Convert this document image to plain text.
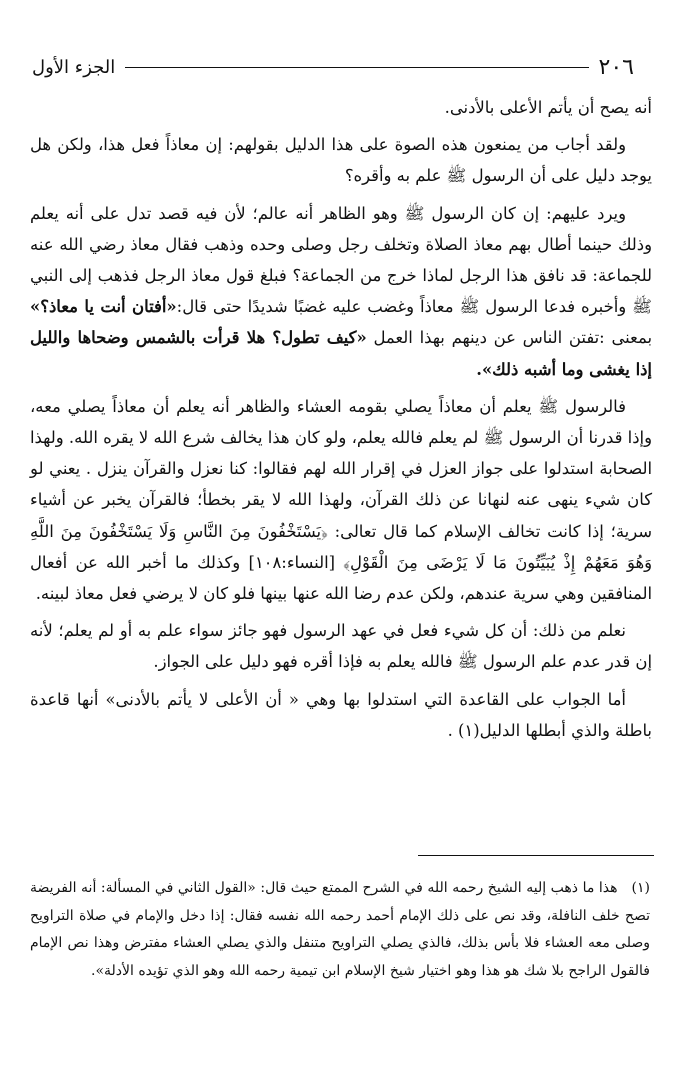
٢٠٦
الجزء الأول

أنه يصح أن يأتم الأعلى بالأدنى.

ولقد أجاب من يمنعون هذه الصوة على هذا الدليل بقولهم: إن معاذاً فعل هذا، ولكن هل يوجد دليل على أن الرسول ﷺ علم به وأقره؟

ويرد عليهم: إن كان الرسول ﷺ وهو الظاهر أنه عالم؛ لأن فيه قصد تدل على أنه يعلم وذلك حينما أطال بهم معاذ الصلاة وتخلف رجل وصلى وحده وذهب فقال معاذ رضي الله عنه للجماعة: قد نافق هذا الرجل لماذا خرج من الجماعة؟ فبلغ قول معاذ الرجل فذهب إلى النبي ﷺ وأخبره فدعا الرسول ﷺ معاذاً وغضب عليه غضبًا شديدًا حتى قال:«أفتان أنت يا معاذ؟» بمعنى :تفتن الناس عن دينهم بهذا العمل «كيف تطول؟ هلا قرأت بالشمس وضحاها والليل إذا يغشى وما أشبه ذلك».

فالرسول ﷺ يعلم أن معاذاً يصلي بقومه العشاء والظاهر أنه يعلم أن معاذاً يصلي معه، وإذا قدرنا أن الرسول ﷺ لم يعلم فالله يعلم، ولو كان هذا يخالف شرع الله لا يقره الله. ولهذا الصحابة استدلوا على جواز العزل في إقرار الله لهم فقالوا: كنا نعزل والقرآن ينزل . يعني لو كان شيء ينهى عنه لنهانا عن ذلك القرآن، ولهذا الله لا يقر بخطأ؛ فالقرآن يخبر عن أشياء سرية؛ إذا كانت تخالف الإسلام كما قال تعالى: ﴿يَسْتَخْفُونَ مِنَ النَّاسِ وَلَا يَسْتَخْفُونَ مِنَ اللَّهِ وَهُوَ مَعَهُمْ إِذْ يُبَيِّتُونَ مَا لَا يَرْضَى مِنَ الْقَوْلِ﴾ [النساء:١٠٨] وكذلك ما أخبر الله عن أفعال المنافقين وهي سرية عندهم، ولكن عدم رضا الله عنها بينها فلو كان لا يرضي فعل معاذ لبينه.

نعلم من ذلك: أن كل شيء فعل في عهد الرسول فهو جائز سواء علم به أو لم يعلم؛ لأنه إن قدر عدم علم الرسول ﷺ فالله يعلم به فإذا أقره فهو دليل على الجواز.

أما الجواب على القاعدة التي استدلوا بها وهي « أن الأعلى لا يأتم بالأدنى» أنها قاعدة باطلة والذي أبطلها الدليل(١) .

(١)هذا ما ذهب إليه الشيخ رحمه الله في الشرح الممتع حيث قال: «القول الثاني في المسألة: أنه الفريضة تصح خلف النافلة، وقد نص على ذلك الإمام أحمد رحمه الله نفسه فقال: إذا دخل والإمام في صلاة التراويح وصلى معه العشاء فلا بأس بذلك، فالذي يصلي التراويح متنفل والذي يصلي العشاء مفترض وهذا نص الإمام فالقول الراجح بلا شك هو هذا وهو اختيار شيخ الإسلام ابن تيمية رحمه الله وهو الذي تؤيده الأدلة».
